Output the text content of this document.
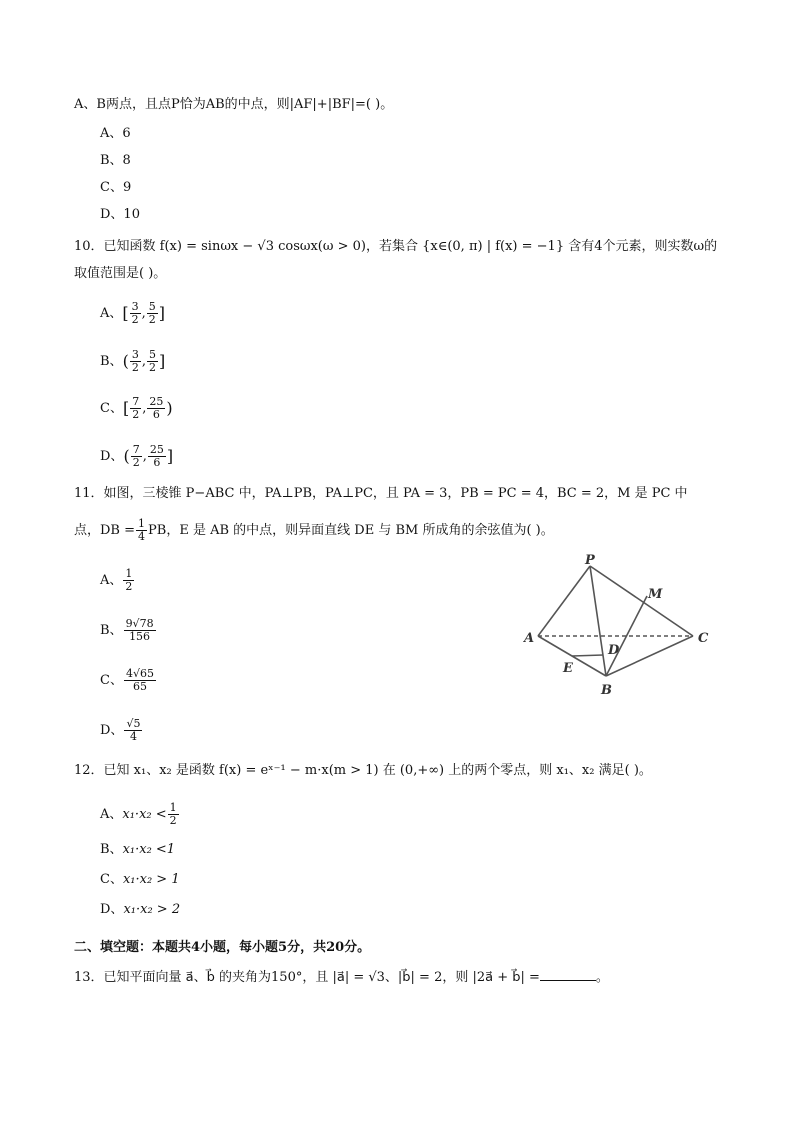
A、B两点，且点P恰为AB的中点，则|AF|+|BF|=( )。
A、6
B、8
C、9
D、10
10．已知函数 f(x) = sinωx − √3 cosωx(ω > 0)，若集合 {x∈(0, π) | f(x) = −1} 含有4个元素，则实数ω的
取值范围是( )。
A、[ $\frac{3}{2}$ , $\frac{5}{2}$ ]
B、( $\frac{3}{2}$ , $\frac{5}{2}$ ]
C、[ $\frac{7}{2}$ , $\frac{25}{6}$ )
D、( $\frac{7}{2}$ , $\frac{25}{6}$ ]
11．如图，三棱锥 P−ABC 中，PA⊥PB，PA⊥PC，且 PA = 3，PB = PC = 4，BC = 2，M 是 PC 中
点，DB = $\frac{1}{4}$ PB，E 是 AB 的中点，则异面直线 DE 与 BM 所成角的余弦值为( )。
A、 $\frac{1}{2}$
B、 $\frac{9√78}{156}$
C、 $\frac{4√65}{65}$
D、 $\frac{√5}{4}$
P
M
A	C
D
E
B
12．已知 x₁、x₂ 是函数 f(x) = eˣ⁻¹ − m·x(m > 1) 在 (0,+∞) 上的两个零点，则 x₁、x₂ 满足( )。
A、$x_1\cdot x_2 < \frac{1}{2}$
B、x₁·x₂ <1
C、x₁·x₂ > 1
D、x₁·x₂ > 2
二、填空题：本题共4小题，每小题5分，共20分。
13．已知平面向量 a⃗、b⃗ 的夹角为150°，且 |a⃗| = √3、|b⃗| = 2，则 |2a⃗ + b⃗| =	。
